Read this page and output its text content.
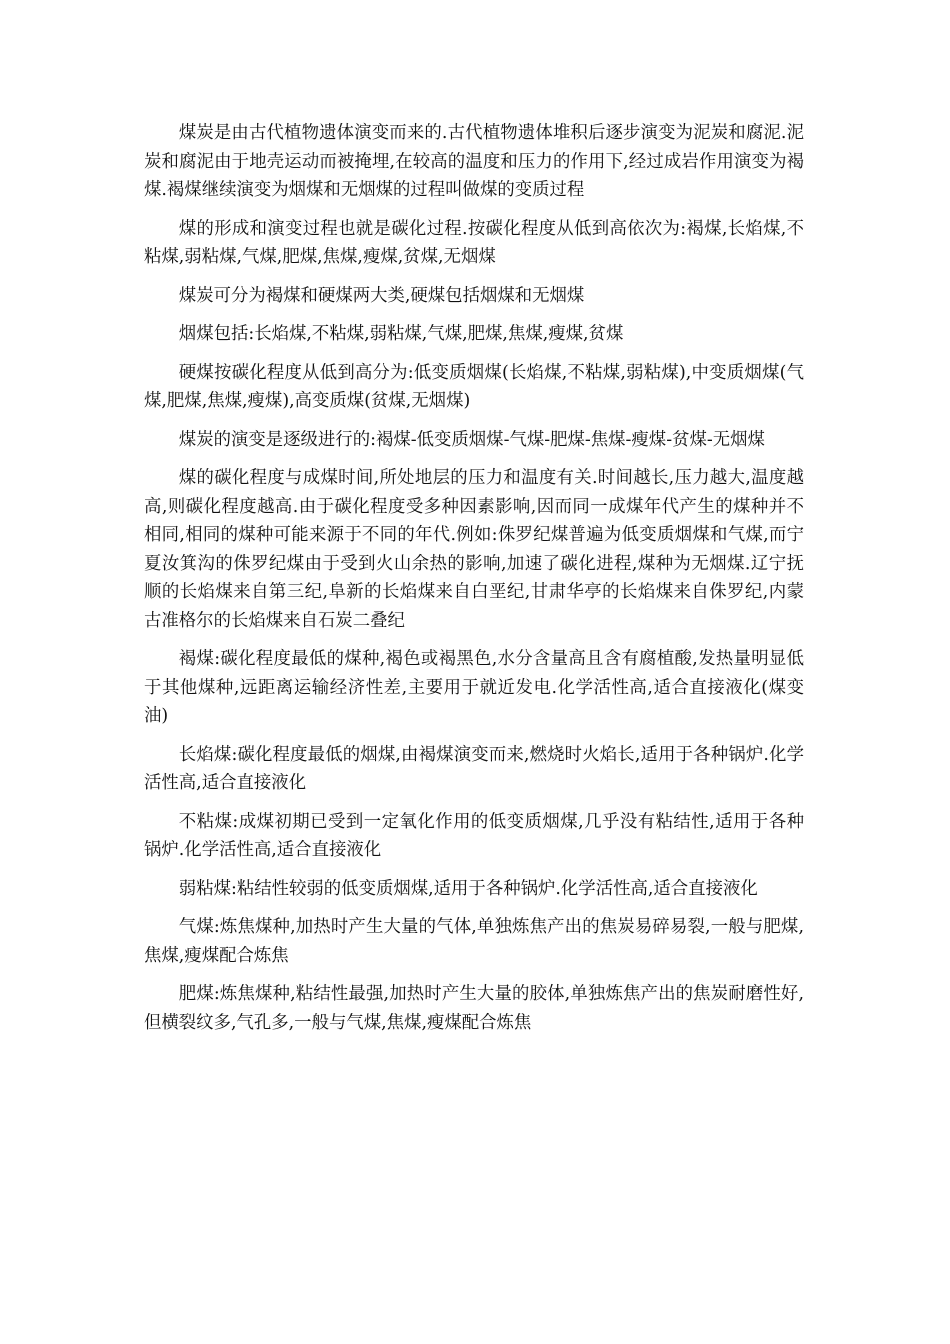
煤炭是由古代植物遗体演变而来的.古代植物遗体堆积后逐步演变为泥炭和腐泥.泥炭和腐泥由于地壳运动而被掩埋,在较高的温度和压力的作用下,经过成岩作用演变为褐煤.褐煤继续演变为烟煤和无烟煤的过程叫做煤的变质过程

煤的形成和演变过程也就是碳化过程.按碳化程度从低到高依次为:褐煤,长焰煤,不粘煤,弱粘煤,气煤,肥煤,焦煤,瘦煤,贫煤,无烟煤

煤炭可分为褐煤和硬煤两大类,硬煤包括烟煤和无烟煤

烟煤包括:长焰煤,不粘煤,弱粘煤,气煤,肥煤,焦煤,瘦煤,贫煤

硬煤按碳化程度从低到高分为:低变质烟煤(长焰煤,不粘煤,弱粘煤),中变质烟煤(气煤,肥煤,焦煤,瘦煤),高变质煤(贫煤,无烟煤)

煤炭的演变是逐级进行的:褐煤-低变质烟煤-气煤-肥煤-焦煤-瘦煤-贫煤-无烟煤

煤的碳化程度与成煤时间,所处地层的压力和温度有关.时间越长,压力越大,温度越高,则碳化程度越高.由于碳化程度受多种因素影响,因而同一成煤年代产生的煤种并不相同,相同的煤种可能来源于不同的年代.例如:侏罗纪煤普遍为低变质烟煤和气煤,而宁夏汝箕沟的侏罗纪煤由于受到火山余热的影响,加速了碳化进程,煤种为无烟煤.辽宁抚顺的长焰煤来自第三纪,阜新的长焰煤来自白垩纪,甘肃华亭的长焰煤来自侏罗纪,内蒙古准格尔的长焰煤来自石炭二叠纪

褐煤:碳化程度最低的煤种,褐色或褐黑色,水分含量高且含有腐植酸,发热量明显低于其他煤种,远距离运输经济性差,主要用于就近发电.化学活性高,适合直接液化(煤变油)

长焰煤:碳化程度最低的烟煤,由褐煤演变而来,燃烧时火焰长,适用于各种锅炉.化学活性高,适合直接液化

不粘煤:成煤初期已受到一定氧化作用的低变质烟煤,几乎没有粘结性,适用于各种锅炉.化学活性高,适合直接液化

弱粘煤:粘结性较弱的低变质烟煤,适用于各种锅炉.化学活性高,适合直接液化

气煤:炼焦煤种,加热时产生大量的气体,单独炼焦产出的焦炭易碎易裂,一般与肥煤,焦煤,瘦煤配合炼焦

肥煤:炼焦煤种,粘结性最强,加热时产生大量的胶体,单独炼焦产出的焦炭耐磨性好,但横裂纹多,气孔多,一般与气煤,焦煤,瘦煤配合炼焦
